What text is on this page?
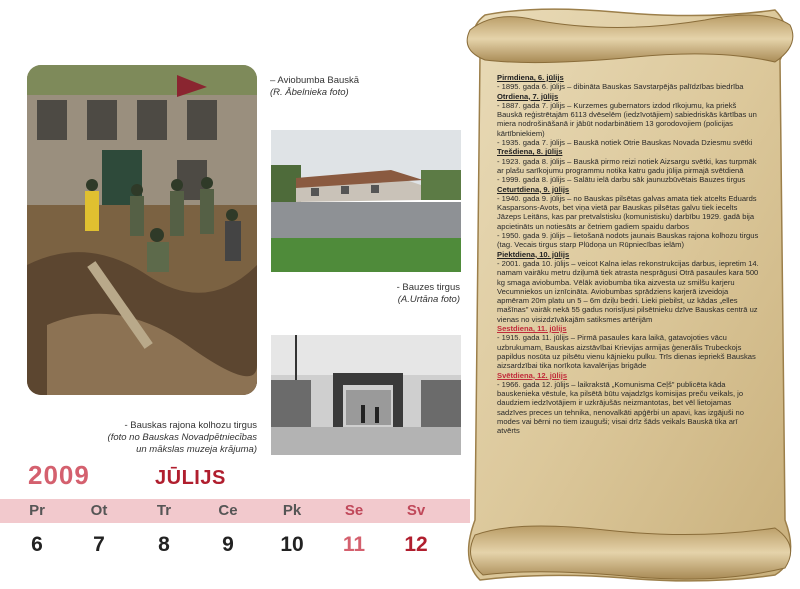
– Aviobumba Bauskā
(R. Ābelnieka foto)
- Bauzes tirgus
(A.Urtāna foto)
- Bauskas rajona kolhozu tirgus
(foto no Bauskas Novadpētniecības
un mākslas muzeja krājuma)
Pirmdiena, 6. jūlijs
- 1895. gada 6. jūlijs – dibināta Bauskas Savstarpējās palīdzības biedrība
Otrdiena, 7. jūlijs
- 1887. gada 7. jūlijs – Kurzemes gubernators izdod rīkojumu, ka priekš Bauskā reģistrētajām 6113 dvēselēm (iedzīvotājiem) sabiedriskās kārtības un miera nodrošināšanā ir jābūt nodarbinātiem 13 gorodovojiem (policijas kārtībniekiem)
- 1935. gada 7. jūlijs – Bauskā notiek Otrie Bauskas Novada Dziesmu svētki
Trešdiena, 8. jūlijs
- 1923. gada 8. jūlijs – Bauskā pirmo reizi notiek Aizsargu svētki, kas turpmāk ar plašu sarīkojumu programmu notika katru gadu jūlija pirmajā svētdienā
- 1999. gada 8. jūlijs – Salātu ielā darbu sāk jaunuzbūvētais Bauzes tirgus
Ceturtdiena, 9. jūlijs
- 1940. gada 9. jūlijs – no Bauskas pilsētas galvas amata tiek atcelts Eduards Kasparsons-Avots, bet viņa vietā par Bauskas pilsētas galvu tiek iecelts Jāzeps Leitāns, kas par pretvalstisku (komunistisku) darbību 1929. gadā bija apcietināts un notiesāts ar četriem gadiem spaidu darbos
- 1950. gada 9. jūlijs – lietošanā nodots jaunais Bauskas rajona kolhozu tirgus (tag. Vecais tirgus starp Plūdoņa un Rūpniecības ielām)
Piektdiena, 10. jūlijs
- 2001. gada 10. jūlijs – veicot Kalna ielas rekonstrukcijas darbus, iepretim 14. namam vairāku metru dziļumā tiek atrasta nesprāgusi Otrā pasaules kara 500 kg smaga aviobumba. Vēlāk aviobumba tika aizvesta uz smilšu karjeru Vecumniekos un iznīcināta. Aviobumbas sprādziens karjerā izveidoja apmēram 20m platu un 5 – 6m dziļu bedri. Lieki piebilst, uz kādas „elles mašīnas" vairāk nekā 55 gadus norisījusi pilsētnieku dzīve Bauskas centrā uz vienas no visizdzīvākajām satiksmes artērijām
Sestdiena, 11. jūlijs
- 1915. gada 11. jūlijs – Pirmā pasaules kara laikā, gatavojoties vācu uzbrukumam, Bauskas aizstāvībai Krievijas armijas ģenerālis Trubeckojs papildus nosūta uz pilsētu vienu kājnieku pulku. Trīs dienas iepriekš Bauskas aizsardzībai tika norīkota kavalērijas brigāde
Svētdiena, 12. jūlijs
- 1966. gada 12. jūlijs – laikrakstā „Komunisma Ceļš" publicēta kāda bauskenieka vēstule, ka pilsētā būtu vajadzīgs komisijas preču veikals, jo daudziem iedzīvotājiem ir uzkrājušās neizmantotas, bet vēl lietojamas sadzīves preces un tehnika, nenovalkāti apģērbi un apavi, kas izgājuši no modes vai bērni no tiem izauguši; visai drīz šāds veikals Bauskā tika arī atvērts
2009	JŪLIJS
Pr	Ot	Tr	Ce	Pk	Se	Sv
6	7	8	9	10	11	12
